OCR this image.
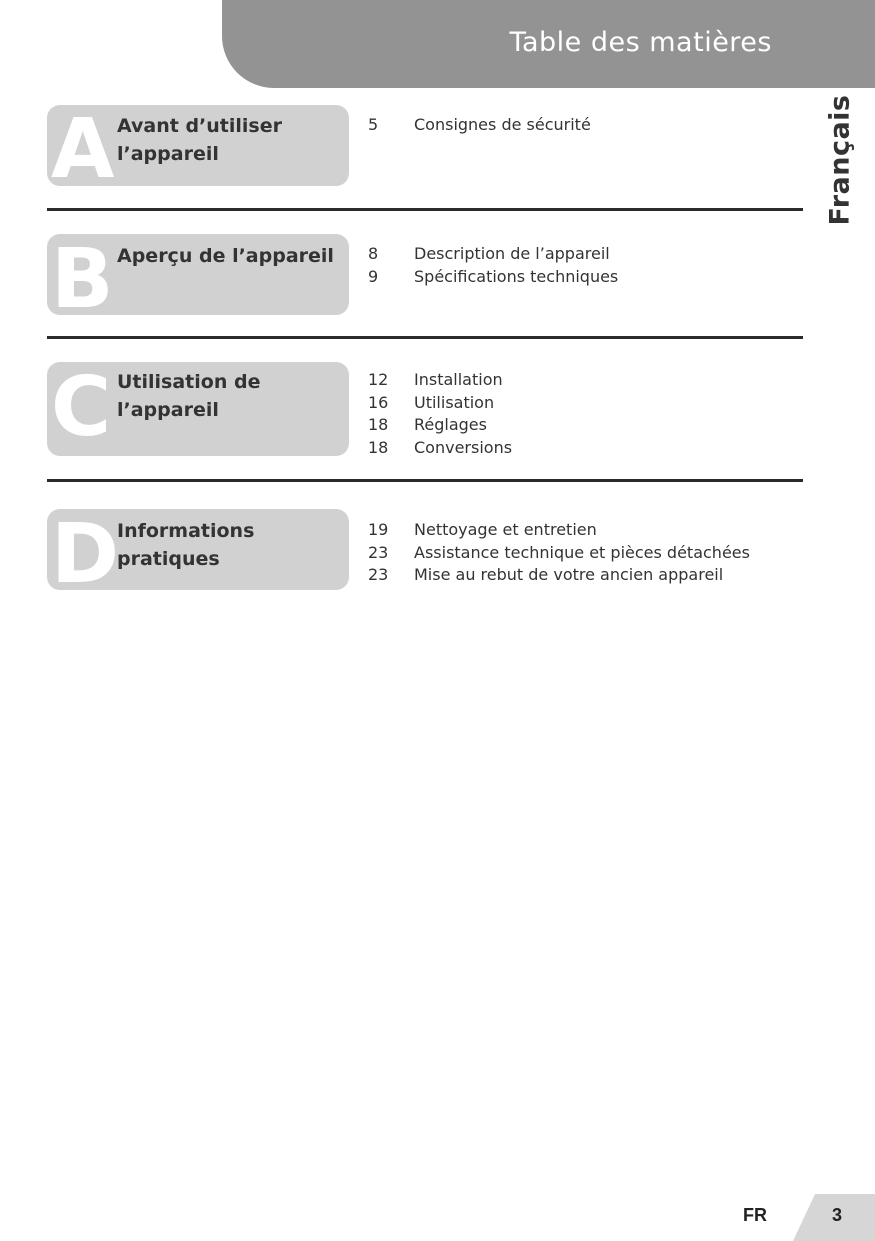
Table des matières
Français
A Avant d’utiliser
l’appareil
5 Consignes de sécurité
B Aperçu de l’appareil 8 Description de l’appareil
9 Spécifications techniques
C Utilisation de
l’appareil
12 Installation
16 Utilisation
18 Réglages
18 Conversions
D
Informations
pratiques
19 Nettoyage et entretien
23 Assistance technique et pièces détachées
23 Mise au rebut de votre ancien appareil
FR	3
